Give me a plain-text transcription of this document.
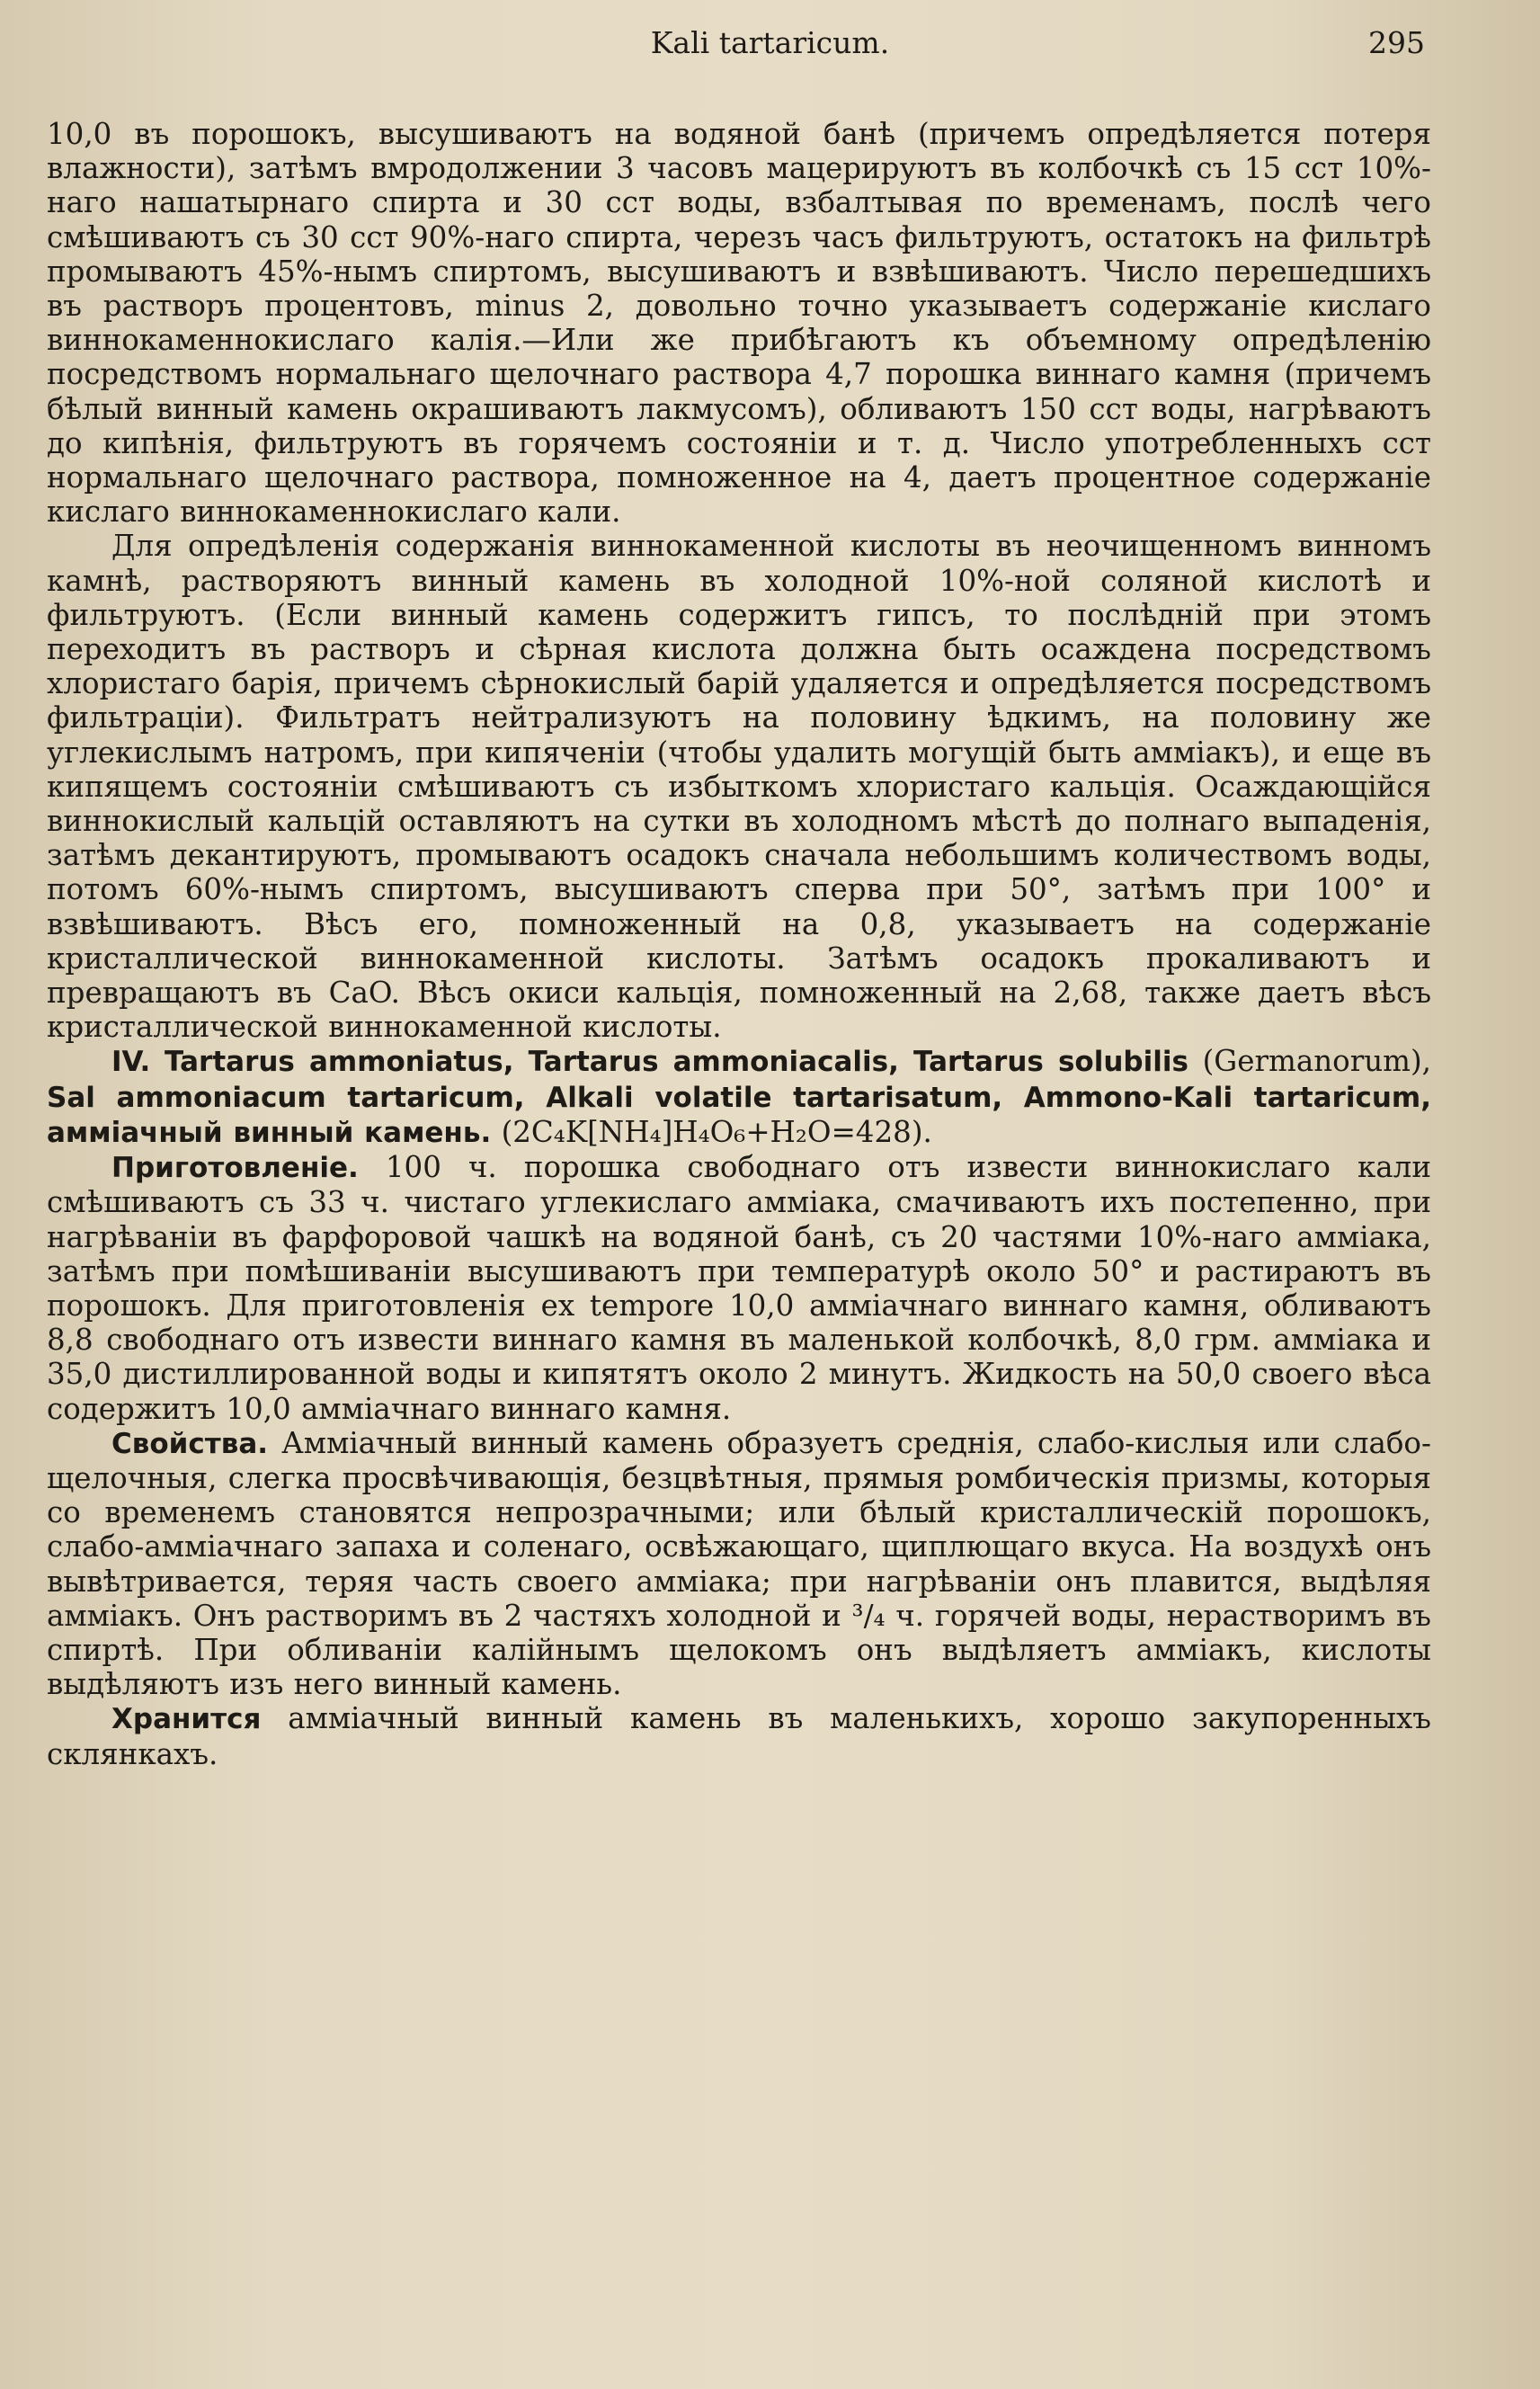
Kali tartaricum.	295

10,0 въ порошокъ, высушиваютъ на водяной банѣ (причемъ опредѣляется потеря влажности), затѣмъ вмродолжении 3 часовъ мацерируютъ въ колбочкѣ съ 15 сст 10%-наго нашатырнаго спирта и 30 сст воды, взбалтывая по временамъ, послѣ чего смѣшиваютъ съ 30 сст 90%-наго спирта, черезъ часъ фильтруютъ, остатокъ на фильтрѣ промываютъ 45%-нымъ спиртомъ, высушиваютъ и взвѣшиваютъ. Число перешедшихъ въ растворъ процентовъ, minus 2, довольно точно указываетъ содержанiе кислаго виннокаменнокислаго калiя.—Или же прибѣгаютъ къ объемному опредѣленiю посредствомъ нормальнаго щелочнаго раствора 4,7 порошка виннаго камня (причемъ бѣлый винный камень окрашиваютъ лакмусомъ), обливаютъ 150 сст воды, нагрѣваютъ до кипѣнiя, фильтруютъ въ горячемъ состоянiи и т. д. Число употребленныхъ сст нормальнаго щелочнаго раствора, помноженное на 4, даетъ процентное содержанiе кислаго виннокаменнокислаго кали.

Для опредѣленiя содержанiя виннокаменной кислоты въ неочищенномъ винномъ камнѣ, растворяютъ винный камень въ холодной 10%-ной соляной кислотѣ и фильтруютъ. (Если винный камень содержитъ гипсъ, то послѣднiй при этомъ переходитъ въ растворъ и сѣрная кислота должна быть осаждена посредствомъ хлористаго барiя, причемъ сѣрнокислый барiй удаляется и опредѣляется посредствомъ фильтрацiи). Фильтратъ нейтрализуютъ на половину ѣдкимъ, на половину же углекислымъ натромъ, при кипяченiи (чтобы удалить могущiй быть амміакъ), и еще въ кипящемъ состоянiи смѣшиваютъ съ избыткомъ хлористаго кальцiя. Осаждающiйся виннокислый кальцiй оставляютъ на сутки въ холодномъ мѣстѣ до полнаго выпаденiя, затѣмъ декантируютъ, промываютъ осадокъ сначала небольшимъ количествомъ воды, потомъ 60%-нымъ спиртомъ, высушиваютъ сперва при 50°, затѣмъ при 100° и взвѣшиваютъ. Вѣсъ его, помноженный на 0,8, указываетъ на содержанiе кристаллической виннокаменной кислоты. Затѣмъ осадокъ прокаливаютъ и превращаютъ въ CaO. Вѣсъ окиси кальцiя, помноженный на 2,68, также даетъ вѣсъ кристаллической виннокаменной кислоты.

IV. Tartarus ammoniatus, Tartarus ammoniacalis, Tartarus solubilis (Germanorum), Sal ammoniacum tartaricum, Alkali volatile tartarisatum, Ammono-Kali tartaricum, амміачный винный камень. (2C₄K[NH₄]H₄O₆+H₂O=428).

Приготовленiе. 100 ч. порошка свободнаго отъ извести виннокислаго кали смѣшиваютъ съ 33 ч. чистаго углекислаго амміака, смачиваютъ ихъ постепенно, при нагрѣванiи въ фарфоровой чашкѣ на водяной банѣ, съ 20 частями 10%-наго амміака, затѣмъ при помѣшиванiи высушиваютъ при температурѣ около 50° и растираютъ въ порошокъ. Для приготовленiя ex tempore 10,0 амміачнаго виннаго камня, обливаютъ 8,8 свободнаго отъ извести виннаго камня въ маленькой колбочкѣ, 8,0 грм. амміака и 35,0 дистиллированной воды и кипятятъ около 2 минутъ. Жидкость на 50,0 своего вѣса содержитъ 10,0 амміачнаго виннаго камня.

Свойства. Амміачный винный камень образуетъ среднiя, слабо-кислыя или слабо-щелочныя, слегка просвѣчивающiя, безцвѣтныя, прямыя ромбическiя призмы, которыя со временемъ становятся непрозрачными; или бѣлый кристаллическiй порошокъ, слабо-амміачнаго запаха и соленаго, освѣжающаго, щиплющаго вкуса. На воздухѣ онъ вывѣтривается, теряя часть своего амміака; при нагрѣванiи онъ плавится, выдѣляя амміакъ. Онъ растворимъ въ 2 частяхъ холодной и ³/₄ ч. горячей воды, нерастворимъ въ спиртѣ. При обливанiи калiйнымъ щелокомъ онъ выдѣляетъ амміакъ, кислоты выдѣляютъ изъ него винный камень.

Хранится амміачный винный камень въ маленькихъ, хорошо закупоренныхъ склянкахъ.
